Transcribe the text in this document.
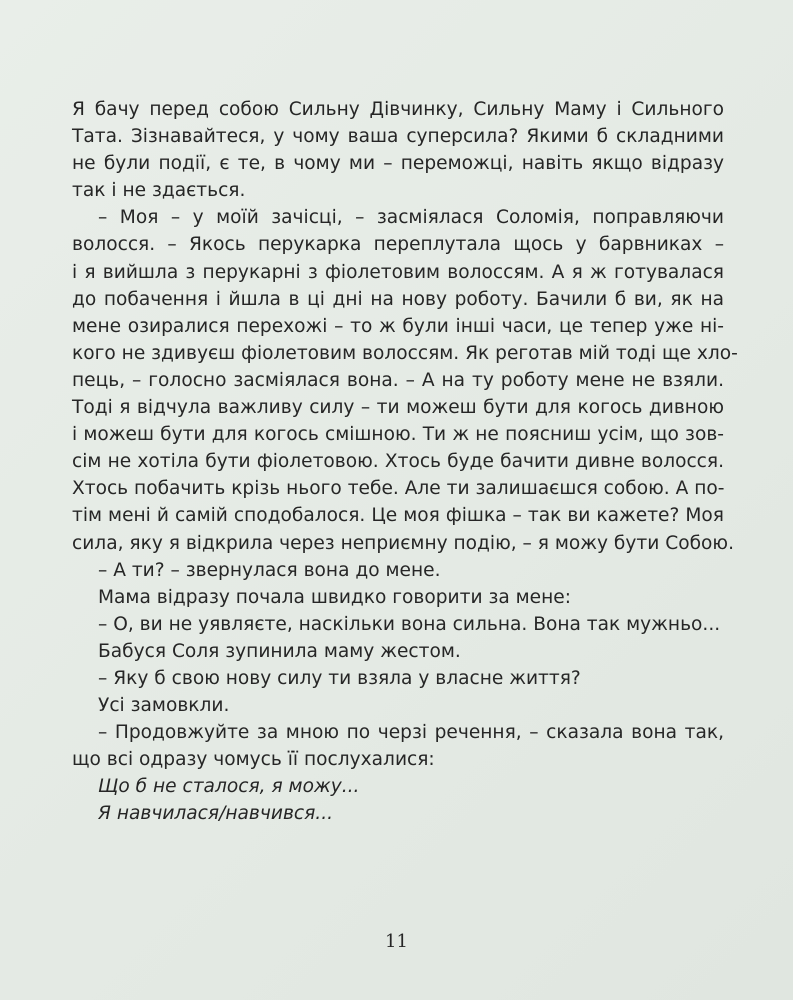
Я бачу перед собою Сильну Дівчинку, Сильну Маму і Сильного
Тата. Зізнавайтеся, у чому ваша суперсила? Якими б складними
не були події, є те, в чому ми – переможці, навіть якщо відразу
так і не здається.
– Моя – у моїй зачісці, – засміялася Соломія, поправляючи
волосся. – Якось перукарка переплутала щось у барвниках –
і я вийшла з перукарні з фіолетовим волоссям. А я ж готувалася
до побачення і йшла в ці дні на нову роботу. Бачили б ви, як на
мене озиралися перехожі – то ж були інші часи, це тепер уже ні-
кого не здивуєш фіолетовим волоссям. Як реготав мій тоді ще хло-
пець, – голосно засміялася вона. – А на ту роботу мене не взяли.
Тоді я відчула важливу силу – ти можеш бути для когось дивною
і можеш бути для когось смішною. Ти ж не поясниш усім, що зов-
сім не хотіла бути фіолетовою. Хтось буде бачити дивне волосся.
Хтось побачить крізь нього тебе. Але ти залишаєшся собою. А по-
тім мені й самій сподобалося. Це моя фішка – так ви кажете? Моя
сила, яку я відкрила через неприємну подію, – я можу бути Собою.
– А ти? – звернулася вона до мене.
Мама відразу почала швидко говорити за мене:
– О, ви не уявляєте, наскільки вона сильна. Вона так мужньо...
Бабуся Соля зупинила маму жестом.
– Яку б свою нову силу ти взяла у власне життя?
Усі замовкли.
– Продовжуйте за мною по черзі речення, – сказала вона так,
що всі одразу чомусь її послухалися:
Що б не сталося, я можу...
Я навчилася/навчився...
11
